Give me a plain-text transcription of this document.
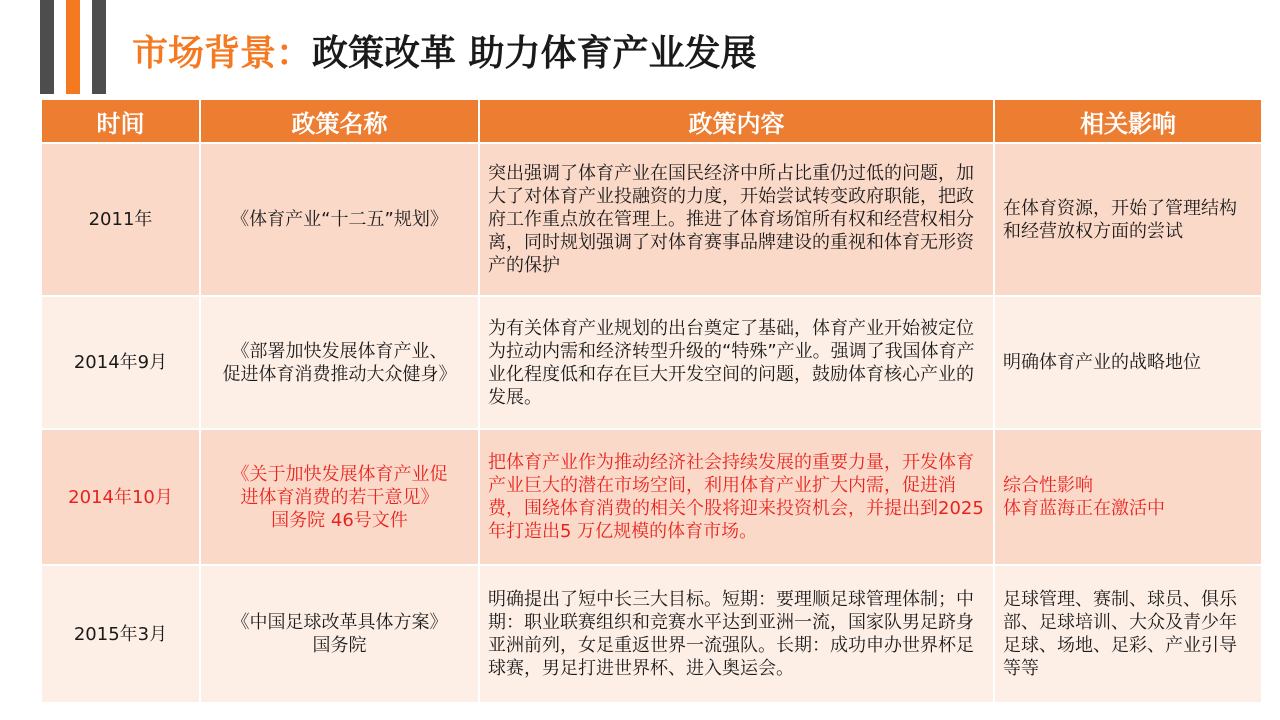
市场背景：政策改革 助力体育产业发展
时间	政策名称	政策内容	相关影响
2011年	《体育产业“十二五”规划》	突出强调了体育产业在国民经济中所占比重仍过低的问题，加大了对体育产业投融资的力度，开始尝试转变政府职能，把政府工作重点放在管理上。推进了体育场馆所有权和经营权相分离，同时规划强调了对体育赛事品牌建设的重视和体育无形资产的保护	在体育资源，开始了管理结构和经营放权方面的尝试

2014年9月	《部署加快发展体育产业、
促进体育消费推动大众健身》	为有关体育产业规划的出台奠定了基础，体育产业开始被定位为拉动内需和经济转型升级的“特殊”产业。强调了我国体育产业化程度低和存在巨大开发空间的问题，鼓励体育核心产业的发展。	明确体育产业的战略地位

2014年10月	《关于加快发展体育产业促
进体育消费的若干意见》
国务院 46号文件	把体育产业作为推动经济社会持续发展的重要力量，开发体育产业巨大的潜在市场空间，利用体育产业扩大内需，促进消费，围绕体育消费的相关个股将迎来投资机会，并提出到2025 年打造出5 万亿规模的体育市场。	综合性影响
体育蓝海正在激活中

2015年3月	《中国足球改革具体方案》
国务院	明确提出了短中长三大目标。短期：要理顺足球管理体制；中期：职业联赛组织和竞赛水平达到亚洲一流，国家队男足跻身亚洲前列，女足重返世界一流强队。长期：成功申办世界杯足球赛，男足打进世界杯、进入奥运会。	足球管理、赛制、球员、俱乐部、足球培训、大众及青少年足球、场地、足彩、产业引导等等
